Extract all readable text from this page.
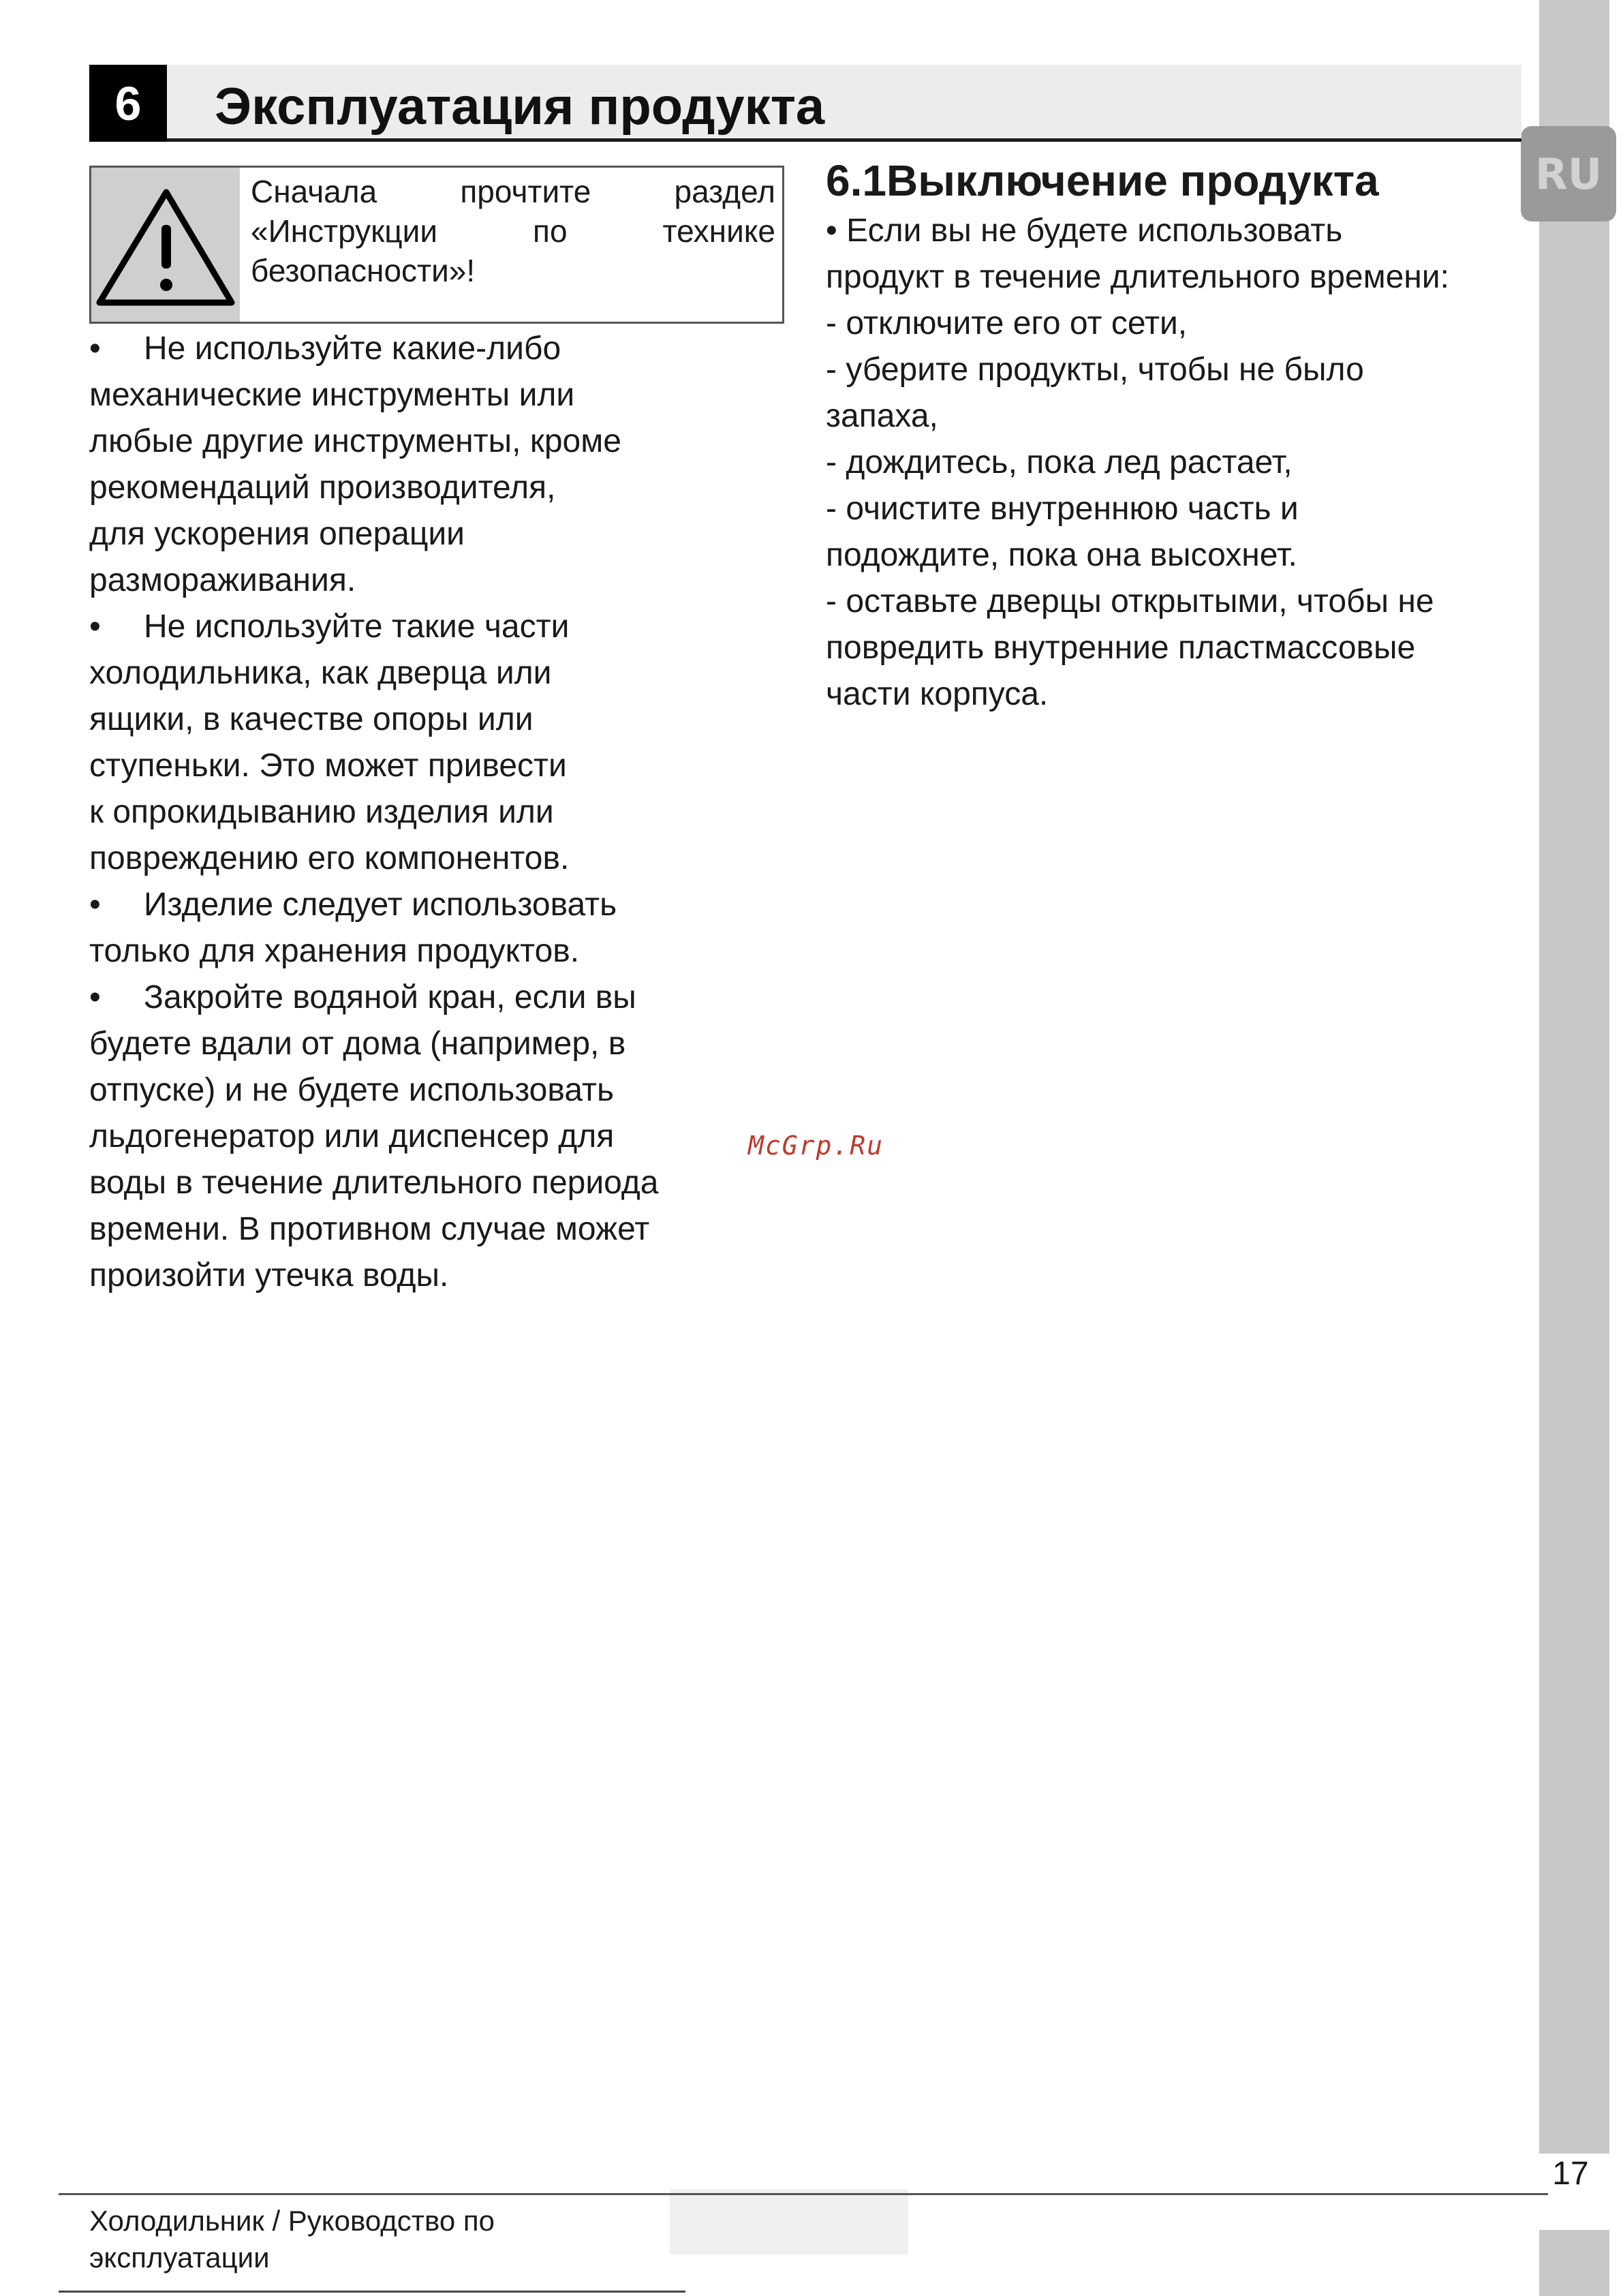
RU
6	Эксплуатация продукта
Сначала прочтите раздел «Инструкции по технике безопасности»!

• Не используйте какие-либо

механические инструменты или

любые другие инструменты, кроме

рекомендаций производителя,

для ускорения операции

размораживания.

• Не используйте такие части

холодильника, как дверца или

ящики, в качестве опоры или

ступеньки. Это может привести

к опрокидыванию изделия или

повреждению его компонентов.

• Изделие следует использовать

только для хранения продуктов.

• Закройте водяной кран, если вы

будете вдали от дома (например, в

отпуске) и не будете использовать

льдогенератор или диспенсер для

воды в течение длительного периода

времени. В противном случае может

произойти утечка воды.

6.1Выключение продукта

• Если вы не будете использовать

продукт в течение длительного времени:

- отключите его от сети,

- уберите продукты, чтобы не было

запаха,

- дождитесь, пока лед растает,

- очистите внутреннюю часть и

подождите, пока она высохнет.

- оставьте дверцы открытыми, чтобы не

повредить внутренние пластмассовые

части корпуса.

McGrp.Ru
Холодильник / Руководство по
эксплуатации
17
